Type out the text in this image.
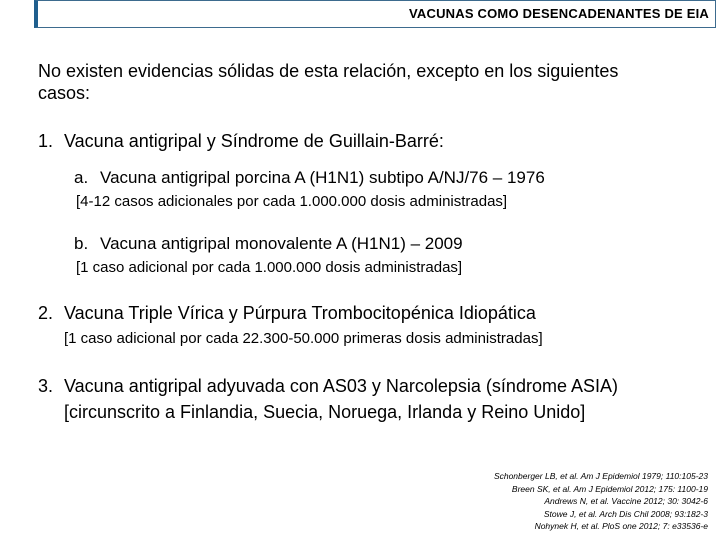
VACUNAS COMO DESENCADENANTES DE EIA
No existen evidencias sólidas de esta relación, excepto en los siguientes
casos:
1. Vacuna antigripal y Síndrome de Guillain-Barré:
a. Vacuna antigripal porcina A (H1N1) subtipo A/NJ/76 – 1976
[4-12 casos adicionales por cada 1.000.000 dosis administradas]
b. Vacuna antigripal monovalente A (H1N1) – 2009
[1 caso adicional por cada 1.000.000 dosis administradas]
2. Vacuna Triple Vírica y Púrpura Trombocitopénica Idiopática
[1 caso adicional por cada 22.300-50.000 primeras dosis administradas]
3. Vacuna antigripal adyuvada con AS03 y Narcolepsia (síndrome ASIA)
[circunscrito a Finlandia, Suecia, Noruega, Irlanda y Reino Unido]
Schonberger LB, et al. Am J Epidemiol 1979; 110:105-23
Breen SK, et al. Am J Epidemiol 2012; 175: 1100-19
Andrews N, et al. Vaccine 2012; 30: 3042-6
Stowe J, et al. Arch Dis Chil 2008; 93:182-3
Nohynek H, et al. PloS one 2012; 7: e33536-e
